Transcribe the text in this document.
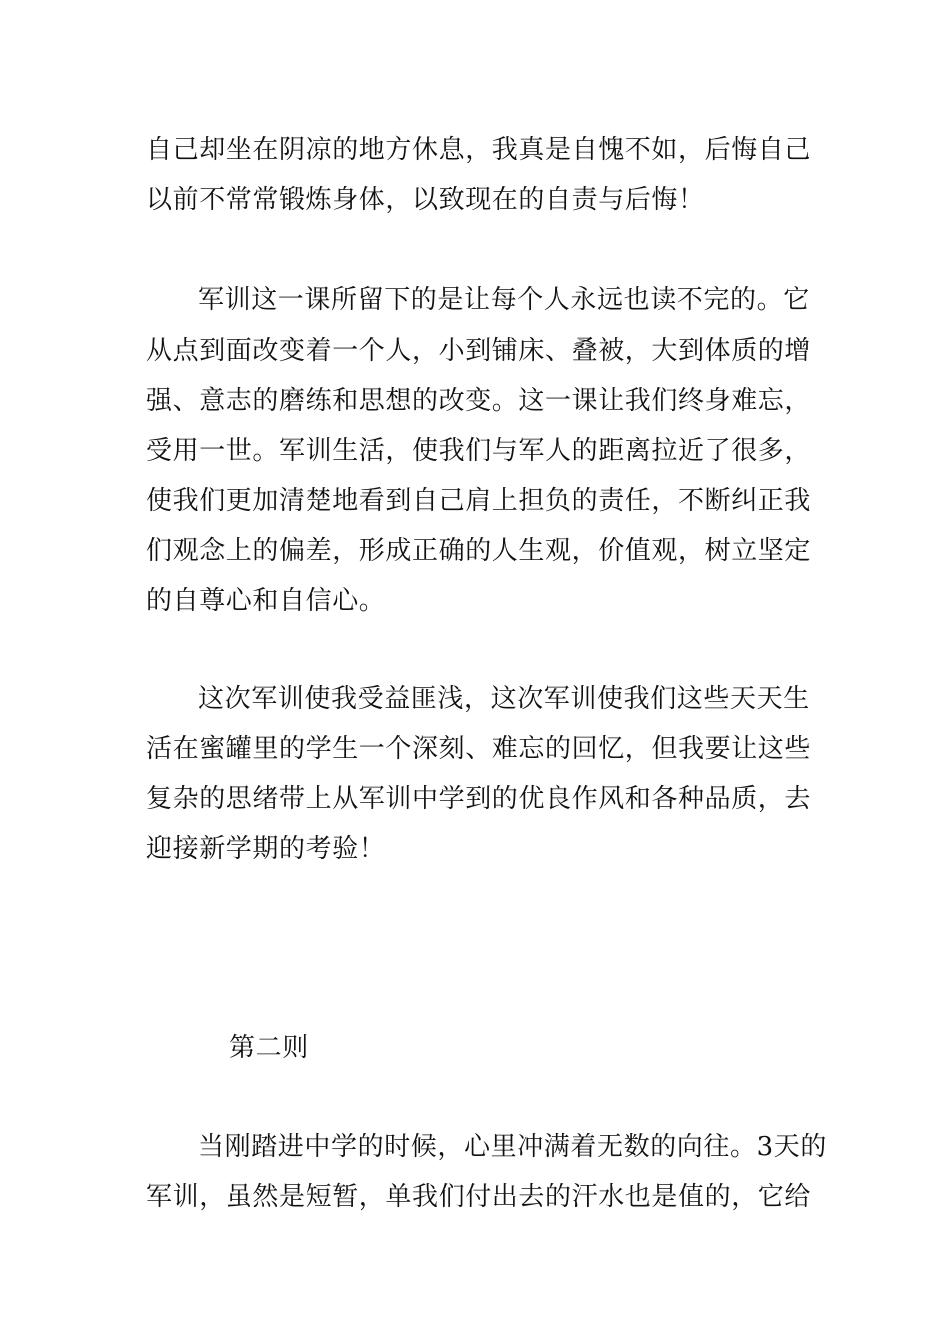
自己却坐在阴凉的地方休息，我真是自愧不如，后悔自己
以前不常常锻炼身体，以致现在的自责与后悔！
军训这一课所留下的是让每个人永远也读不完的。它
从点到面改变着一个人，小到铺床、叠被，大到体质的增
强、意志的磨练和思想的改变。这一课让我们终身难忘，
受用一世。军训生活，使我们与军人的距离拉近了很多，
使我们更加清楚地看到自己肩上担负的责任，不断纠正我
们观念上的偏差，形成正确的人生观，价值观，树立坚定
的自尊心和自信心。
这次军训使我受益匪浅，这次军训使我们这些天天生
活在蜜罐里的学生一个深刻、难忘的回忆，但我要让这些
复杂的思绪带上从军训中学到的优良作风和各种品质，去
迎接新学期的考验！
第二则
当刚踏进中学的时候，心里冲满着无数的向往。3天的
军训，虽然是短暂，单我们付出去的汗水也是值的，它给
